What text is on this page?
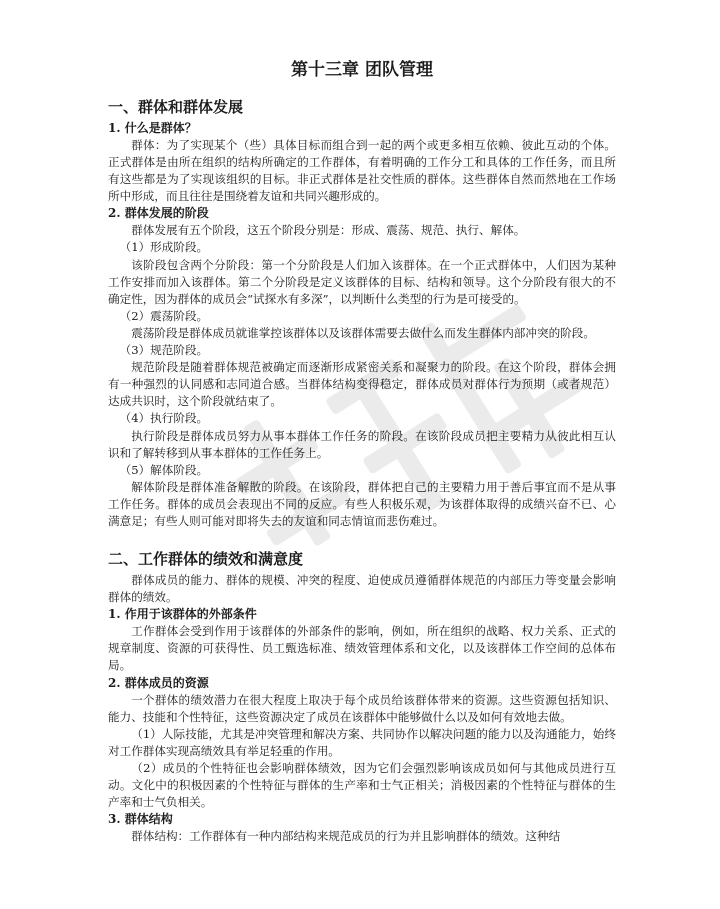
第十三章 团队管理
一、群体和群体发展
1. 什么是群体？

群体：为了实现某个（些）具体目标而组合到一起的两个或更多相互依赖、彼此互动的个体。正式群体是由所在组织的结构所确定的工作群体，有着明确的工作分工和具体的工作任务，而且所有这些都是为了实现该组织的目标。非正式群体是社交性质的群体。这些群体自然而然地在工作场所中形成，而且往往是围绕着友谊和共同兴趣形成的。

2. 群体发展的阶段

群体发展有五个阶段，这五个阶段分别是：形成、震荡、规范、执行、解体。

（1）形成阶段。

该阶段包含两个分阶段：第一个分阶段是人们加入该群体。在一个正式群体中，人们因为某种工作安排而加入该群体。第二个分阶段是定义该群体的目标、结构和领导。这个分阶段有很大的不确定性，因为群体的成员会“试探水有多深”，以判断什么类型的行为是可接受的。

（2）震荡阶段。

震荡阶段是群体成员就谁掌控该群体以及该群体需要去做什么而发生群体内部冲突的阶段。

（3）规范阶段。

规范阶段是随着群体规范被确定而逐渐形成紧密关系和凝聚力的阶段。在这个阶段，群体会拥有一种强烈的认同感和志同道合感。当群体结构变得稳定，群体成员对群体行为预期（或者规范）达成共识时，这个阶段就结束了。

（4）执行阶段。

执行阶段是群体成员努力从事本群体工作任务的阶段。在该阶段成员把主要精力从彼此相互认识和了解转移到从事本群体的工作任务上。

（5）解体阶段。

解体阶段是群体准备解散的阶段。在该阶段，群体把自己的主要精力用于善后事宜而不是从事工作任务。群体的成员会表现出不同的反应。有些人积极乐观，为该群体取得的成绩兴奋不已、心满意足；有些人则可能对即将失去的友谊和同志情谊而悲伤难过。

二、工作群体的绩效和满意度

群体成员的能力、群体的规模、冲突的程度、迫使成员遵循群体规范的内部压力等变量会影响群体的绩效。

1. 作用于该群体的外部条件

工作群体会受到作用于该群体的外部条件的影响，例如，所在组织的战略、权力关系、正式的规章制度、资源的可获得性、员工甄选标准、绩效管理体系和文化，以及该群体工作空间的总体布局。

2. 群体成员的资源

一个群体的绩效潜力在很大程度上取决于每个成员给该群体带来的资源。这些资源包括知识、能力、技能和个性特征，这些资源决定了成员在该群体中能够做什么以及如何有效地去做。

（1）人际技能，尤其是冲突管理和解决方案、共同协作以解决问题的能力以及沟通能力，始终对工作群体实现高绩效具有举足轻重的作用。

（2）成员的个性特征也会影响群体绩效，因为它们会强烈影响该成员如何与其他成员进行互动。文化中的积极因素的个性特征与群体的生产率和士气正相关；消极因素的个性特征与群体的生产率和士气负相关。

3. 群体结构

群体结构：工作群体有一种内部结构来规范成员的行为并且影响群体的绩效。这种结
